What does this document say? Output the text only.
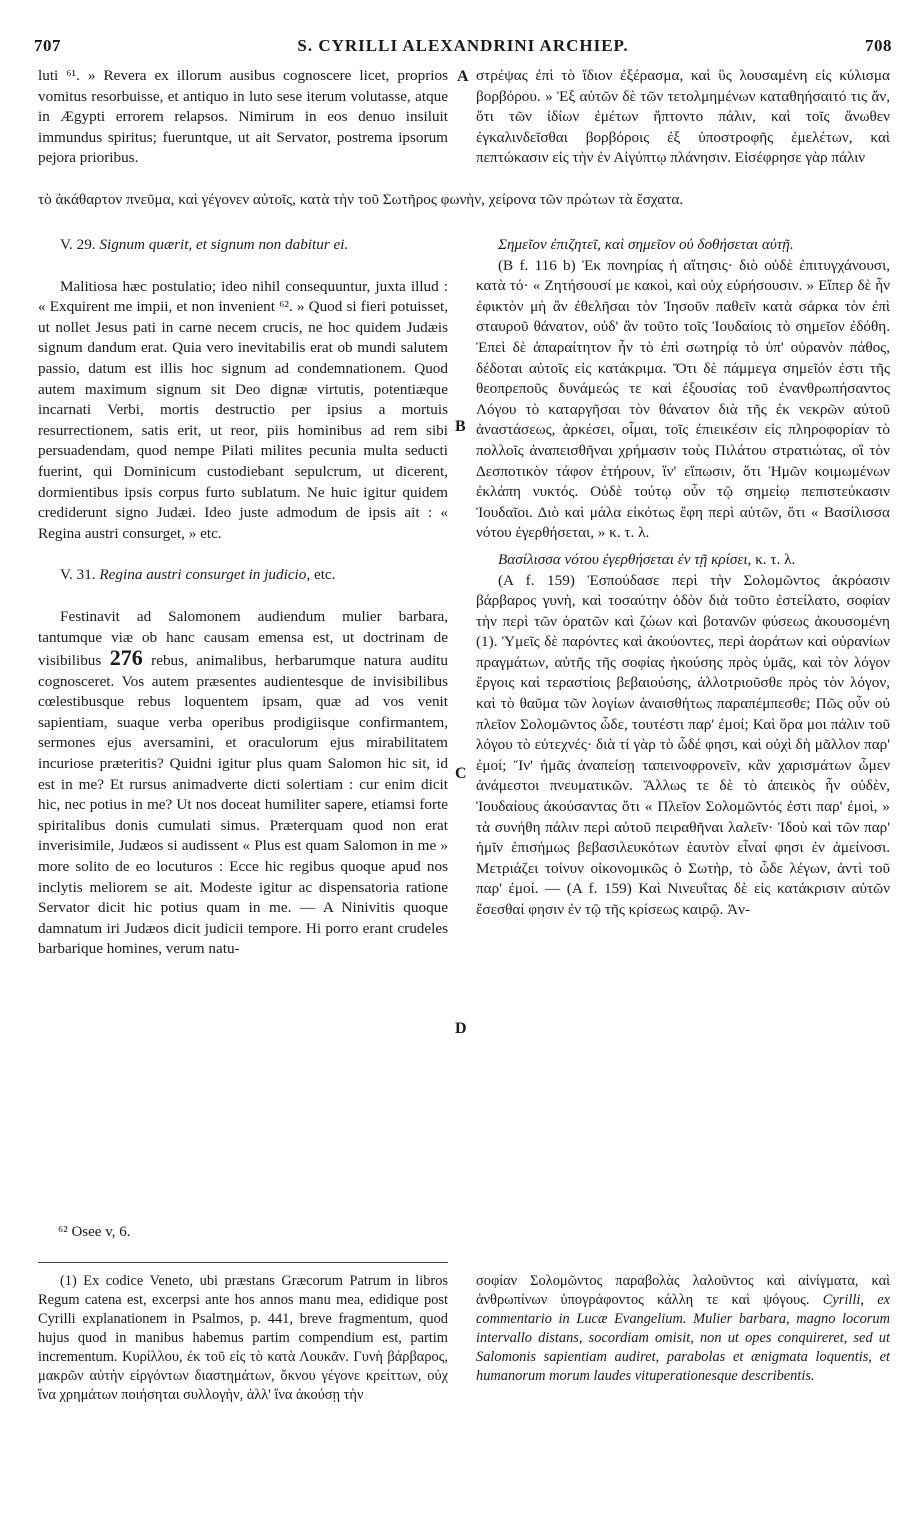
707	S. CYRILLI ALEXANDRINI ARCHIEP.	708
A
B
C
D

luti ⁶¹. » Revera ex illorum ausibus cognoscere licet, proprios vomitus resorbuisse, et antiquo in luto sese iterum volutasse, atque in Ægypti errorem relapsos. Nimirum in eos denuo insiluit immundus spiritus; fueruntque, ut ait Servator, postrema ipsorum pejora prioribus.

στρέψας ἐπὶ τὸ ἴδιον ἐξέρασμα, καὶ ὓς λουσαμένη εἰς κύλισμα βορβόρου. » Ἐξ αὐτῶν δὲ τῶν τετολμημένων καταθηήσαιτό τις ἄν, ὅτι τῶν ἰδίων ἐμέτων ἥπτοντο πάλιν, καὶ τοῖς ἄνωθεν ἐγκαλινδεῖσθαι βορβόροις ἐξ ὑποστροφῆς ἐμελέτων, καὶ πεπτώκασιν εἰς τὴν ἐν Αἰγύπτῳ πλάνησιν. Εἰσέφρησε γὰρ πάλιν

τὸ ἀκάθαρτον πνεῦμα, καὶ γέγονεν αὐτοῖς, κατὰ τὴν τοῦ Σωτῆρος φωνὴν, χείρονα τῶν πρώτων τὰ ἔσχατα.

V. 29. Signum quærit, et signum non dabitur ei.

Malitiosa hæc postulatio; ideo nihil consequuntur, juxta illud : « Exquirent me impii, et non invenient ⁶². » Quod si fieri potuisset, ut nollet Jesus pati in carne necem crucis, ne hoc quidem Judæis signum dandum erat. Quia vero inevitabilis erat ob mundi salutem passio, datum est illis hoc signum ad condemnationem. Quod autem maximum signum sit Deo dignæ virtutis, potentiæque incarnati Verbi, mortis destructio per ipsius a mortuis resurrectionem, satis erit, ut reor, piis hominibus ad rem sibi persuadendam, quod nempe Pilati milites pecunia multa seducti fuerint, qui Dominicum custodiebant sepulcrum, ut dicerent, dormientibus ipsis corpus furto sublatum. Ne huic igitur quidem crediderunt signo Judæi. Ideo juste admodum de ipsis ait : « Regina austri consurget, » etc.

V. 31. Regina austri consurget in judicio, etc.

Festinavit ad Salomonem audiendum mulier barbara, tantumque viæ ob hanc causam emensa est, ut doctrinam de visibilibus 276 rebus, animalibus, herbarumque natura auditu cognosceret. Vos autem præsentes audientesque de invisibilibus cœlestibusque rebus loquentem ipsam, quæ ad vos venit sapientiam, suaque verba operibus prodigiisque confirmantem, sermones ejus aversamini, et oraculorum ejus mirabilitatem incuriose præteritis? Quidni igitur plus quam Salomon hic sit, id est in me? Et rursus animadverte dicti solertiam : cur enim dicit hic, nec potius in me? Ut nos doceat humiliter sapere, etiamsi forte spiritalibus donis cumulati simus. Præterquam quod non erat inverisimile, Judæos si audissent « Plus est quam Salomon in me » more solito de eo locuturos : Ecce hic regibus quoque apud nos inclytis meliorem se ait. Modeste igitur ac dispensatoria ratione Servator dicit hic potius quam in me. — A Ninivitis quoque damnatum iri Judæos dicit judicii tempore. Hi porro erant crudeles barbarique homines, verum natu-

Σημεῖον ἐπιζητεῖ, καὶ σημεῖον οὐ δοθήσεται αὐτῇ.

(B f. 116 b) Ἐκ πονηρίας ἡ αἴτησις· διὸ οὐδὲ ἐπιτυγχάνουσι, κατὰ τό· « Ζητήσουσί με κακοὶ, καὶ οὐχ εὑρήσουσιν. » Εἴπερ δὲ ἦν ἐφικτὸν μὴ ἂν ἐθελῆσαι τὸν Ἰησοῦν παθεῖν κατὰ σάρκα τὸν ἐπὶ σταυροῦ θάνατον, οὐδ' ἂν τοῦτο τοῖς Ἰουδαίοις τὸ σημεῖον ἐδόθη. Ἐπεὶ δὲ ἀπαραίτητον ἦν τὸ ἐπὶ σωτηρίᾳ τὸ ὑπ' οὐρανὸν πάθος, δέδοται αὐτοῖς εἰς κατάκριμα. Ὅτι δὲ πάμμεγα σημεῖόν ἐστι τῆς θεοπρεποῦς δυνάμεώς τε καὶ ἐξουσίας τοῦ ἐνανθρωπήσαντος Λόγου τὸ καταργῆσαι τὸν θάνατον διὰ τῆς ἐκ νεκρῶν αὐτοῦ ἀναστάσεως, ἀρκέσει, οἶμαι, τοῖς ἐπιεικέσιν εἰς πληροφορίαν τὸ πολλοῖς ἀναπεισθῆναι χρήμασιν τοὺς Πιλάτου στρατιώτας, οἳ τὸν Δεσποτικὸν τάφον ἐτήρουν, ἵν' εἴπωσιν, ὅτι Ἡμῶν κοιμωμένων ἐκλάπη νυκτός. Οὐδὲ τούτῳ οὖν τῷ σημείῳ πεπιστεύκασιν Ἰουδαῖοι. Διὸ καὶ μάλα εἰκότως ἔφη περὶ αὐτῶν, ὅτι « Βασίλισσα νότου ἐγερθήσεται, » κ. τ. λ.

Βασίλισσα νότου ἐγερθήσεται ἐν τῇ κρίσει, κ. τ. λ.

(A f. 159) Ἐσπούδασε περὶ τὴν Σολομῶντος ἀκρόασιν βάρβαρος γυνὴ, καὶ τοσαύτην ὁδὸν διὰ τοῦτο ἐστείλατο, σοφίαν τὴν περὶ τῶν ὁρατῶν καὶ ζώων καὶ βοτανῶν φύσεως ἀκουσομένη (1). Ὑμεῖς δὲ παρόντες καὶ ἀκούοντες, περὶ ἀοράτων καὶ οὐρανίων πραγμάτων, αὐτῆς τῆς σοφίας ἠκούσης πρὸς ὑμᾶς, καὶ τὸν λόγον ἔργοις καὶ τεραστίοις βεβαιούσης, ἀλλοτριοῦσθε πρὸς τὸν λόγον, καὶ τὸ θαῦμα τῶν λογίων ἀναισθήτως παραπέμπεσθε; Πῶς οὖν οὐ πλεῖον Σολομῶντος ὧδε, τουτέστι παρ' ἐμοί; Καὶ ὅρα μοι πάλιν τοῦ λόγου τὸ εὐτεχνές· διὰ τί γὰρ τὸ ὧδέ φησι, καὶ οὐχὶ δὴ μᾶλλον παρ' ἐμοί; Ἵν' ἡμᾶς ἀναπείσῃ ταπεινοφρονεῖν, κἂν χαρισμάτων ὦμεν ἀνάμεστοι πνευματικῶν. Ἄλλως τε δὲ τὸ ἀπεικὸς ἦν οὐδὲν, Ἰουδαίους ἀκούσαντας ὅτι « Πλεῖον Σολομῶντός ἐστι παρ' ἐμοὶ, » τὰ συνήθη πάλιν περὶ αὐτοῦ πειραθῆναι λαλεῖν· Ἰδοὺ καὶ τῶν παρ' ἡμῖν ἐπισήμως βεβασιλευκότων ἑαυτὸν εἶναί φησι ἐν ἀμείνοσι. Μετριάζει τοίνυν οἰκονομικῶς ὁ Σωτὴρ, τὸ ὧδε λέγων, ἀντὶ τοῦ παρ' ἐμοί. — (A f. 159) Καὶ Νινευΐτας δὲ εἰς κατάκρισιν αὐτῶν ἔσεσθαί φησιν ἐν τῷ τῆς κρίσεως καιρῷ. Ἀν-

⁶² Osee v, 6.

(1) Ex codice Veneto, ubi præstans Græcorum Patrum in libros Regum catena est, excerpsi ante hos annos manu mea, edidique post Cyrilli explanationem in Psalmos, p. 441, breve fragmentum, quod hujus quod in manibus habemus partim compendium est, partim incrementum. Κυρίλλου, ἐκ τοῦ εἰς τὸ κατὰ Λουκᾶν. Γυνὴ βάρβαρος, μακρῶν αὐτὴν εἰργόντων διαστημάτων, ὄκνου γέγονε κρείττων, οὐχ ἵνα χρημάτων ποιήσηται συλλογὴν, ἀλλ' ἵνα ἀκούσῃ τὴν

σοφίαν Σολομῶντος παραβολὰς λαλοῦντος καὶ αἰνίγματα, καὶ ἀνθρωπίνων ὑπογράφοντος κάλλη τε καὶ ψόγους. Cyrilli, ex commentario in Lucæ Evangelium. Mulier barbara, magno locorum intervallo distans, socordiam omisit, non ut opes conquireret, sed ut Salomonis sapientiam audiret, parabolas et ænigmata loquentis, et humanorum morum laudes vituperationesque describentis.
